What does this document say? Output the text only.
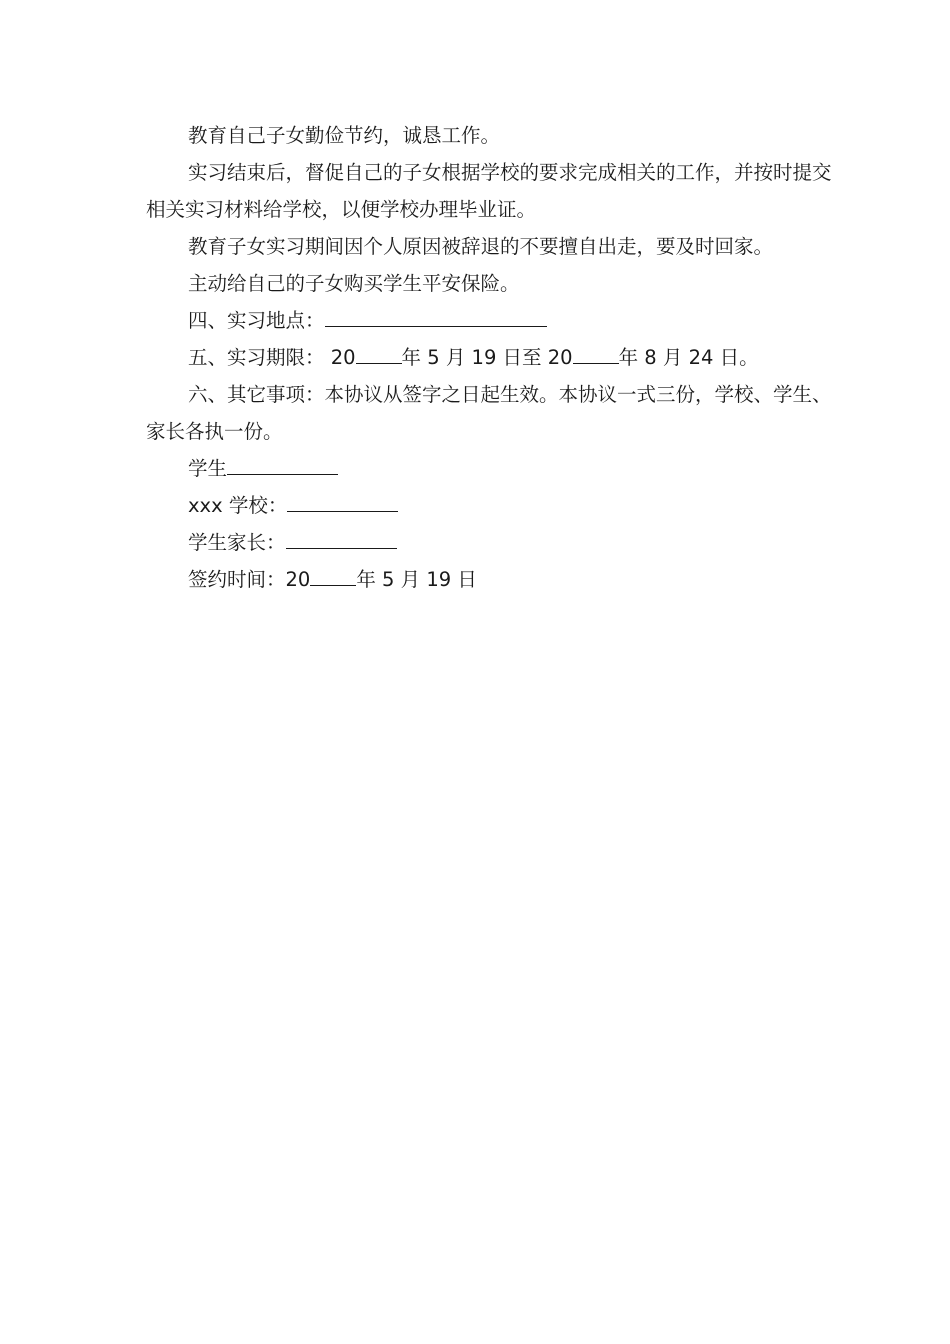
教育自己子女勤俭节约，诚恳工作。

实习结束后，督促自己的子女根据学校的要求完成相关的工作，并按时提交相关实习材料给学校，以便学校办理毕业证。

教育子女实习期间因个人原因被辞退的不要擅自出走，要及时回家。

主动给自己的子女购买学生平安保险。

四、实习地点：

五、实习期限： 20 年 5 月 19 日至 20 年 8 月 24 日。

六、其它事项：本协议从签字之日起生效。本协议一式三份，学校、学生、家长各执一份。

学生

xxx 学校：

学生家长：

签约时间：20 年 5 月 19 日
